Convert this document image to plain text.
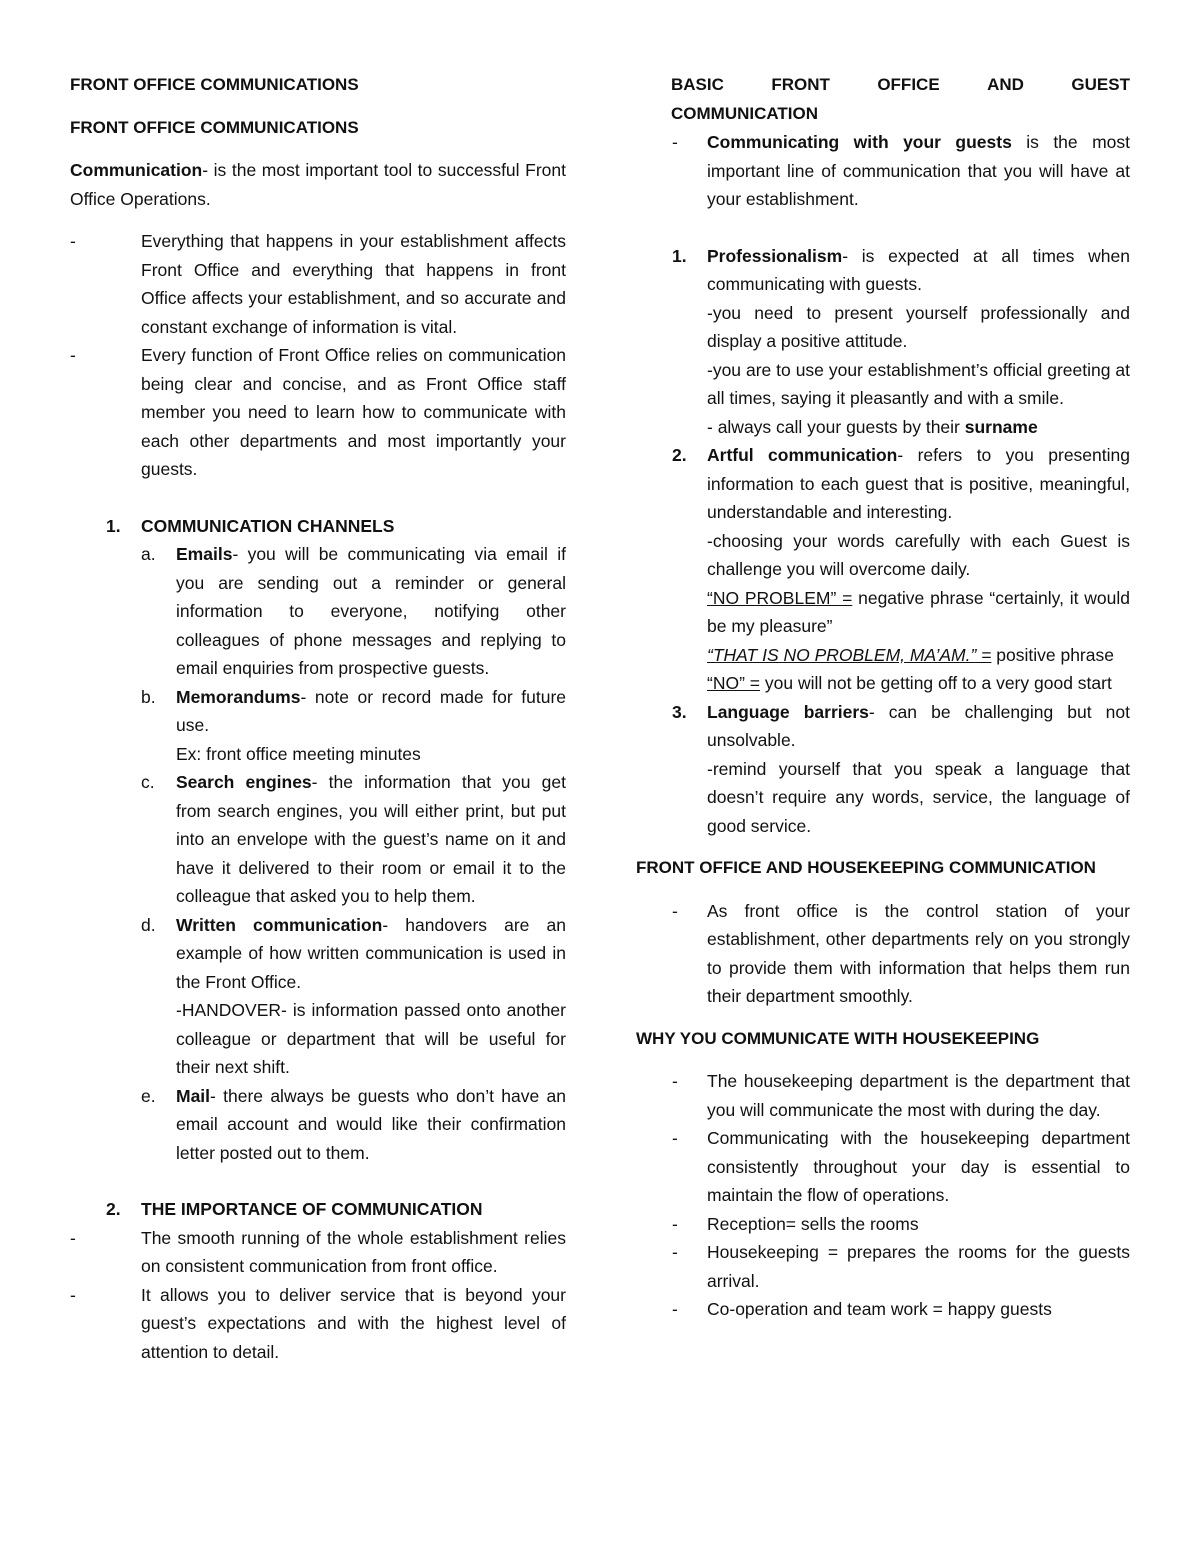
FRONT OFFICE COMMUNICATIONS
FRONT OFFICE COMMUNICATIONS

Communication- is the most important tool to successful Front Office Operations.

-	Everything that happens in your establishment affects Front Office and everything that happens in front Office affects your establishment, and so accurate and constant exchange of information is vital.
-	Every function of Front Office relies on communication being clear and concise, and as Front Office staff member you need to learn how to communicate with each other departments and most importantly your guests.
1.	COMMUNICATION CHANNELS
a.	Emails- you will be communicating via email if you are sending out a reminder or general information to everyone, notifying other colleagues of phone messages and replying to email enquiries from prospective guests.
b.	Memorandums- note or record made for future use.
Ex: front office meeting minutes
c.	Search engines- the information that you get from search engines, you will either print, but put into an envelope with the guest’s name on it and have it delivered to their room or email it to the colleague that asked you to help them.
d.	Written communication- handovers are an example of how written communication is used in the Front Office.
-HANDOVER- is information passed onto another colleague or department that will be useful for their next shift.
e.	Mail- there always be guests who don’t have an email account and would like their confirmation letter posted out to them.
2.	THE IMPORTANCE OF COMMUNICATION
-	The smooth running of the whole establishment relies on consistent communication from front office.
-	It allows you to deliver service that is beyond your guest’s expectations and with the highest level of attention to detail.
BASIC	FRONT	OFFICE	AND	GUEST
COMMUNICATION
-	Communicating with your guests is the most important line of communication that you will have at your establishment.
1.	Professionalism- is expected at all times when communicating with guests.
-you need to present yourself professionally and display a positive attitude.
-you are to use your establishment’s official greeting at all times, saying it pleasantly and with a smile.
- always call your guests by their surname
2.	Artful communication- refers to you presenting information to each guest that is positive, meaningful, understandable and interesting.
-choosing your words carefully with each Guest is challenge you will overcome daily.
“NO PROBLEM” = negative phrase “certainly, it would be my pleasure”
“THAT IS NO PROBLEM, MA’AM.” = positive phrase
“NO” = you will not be getting off to a very good start
3.	Language barriers- can be challenging but not unsolvable.
-remind yourself that you speak a language that doesn’t require any words, service, the language of good service.
FRONT OFFICE AND HOUSEKEEPING COMMUNICATION
-	As front office is the control station of your establishment, other departments rely on you strongly to provide them with information that helps them run their department smoothly.
WHY YOU COMMUNICATE WITH HOUSEKEEPING
-	The housekeeping department is the department that you will communicate the most with during the day.
-	Communicating with the housekeeping department consistently throughout your day is essential to maintain the flow of operations.
-	Reception= sells the rooms
-	Housekeeping = prepares the rooms for the guests arrival.
-	Co-operation and team work = happy guests
